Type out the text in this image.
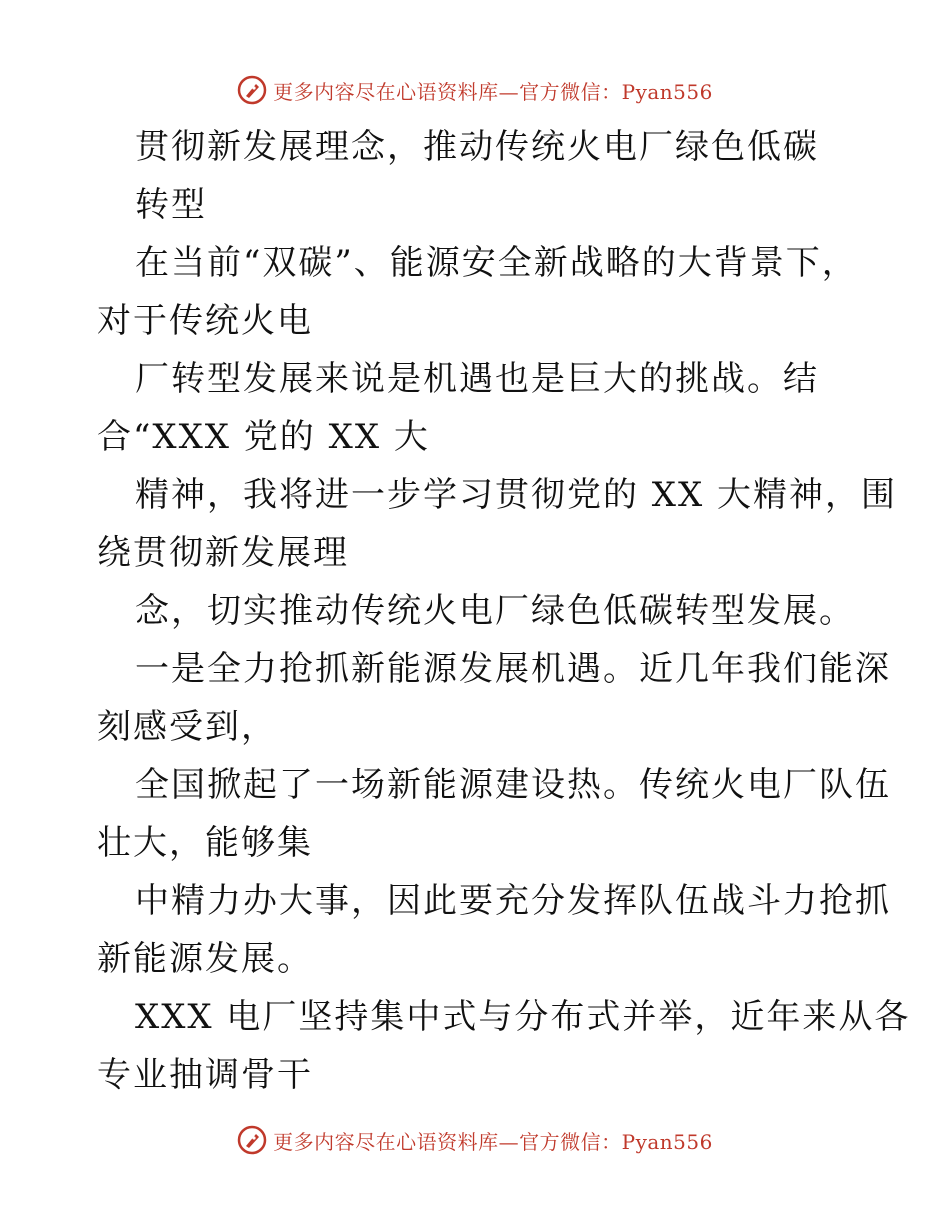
更多内容尽在心语资料库—官方微信：Pyan556
贯彻新发展理念，推动传统火电厂绿色低碳
转型
在当前“双碳”、能源安全新战略的大背景下，
对于传统火电
厂转型发展来说是机遇也是巨大的挑战。结
合“XXX 党的 XX 大
精神，我将进一步学习贯彻党的 XX 大精神，围
绕贯彻新发展理
念，切实推动传统火电厂绿色低碳转型发展。
一是全力抢抓新能源发展机遇。近几年我们能深
刻感受到，
全国掀起了一场新能源建设热。传统火电厂队伍
壮大，能够集
中精力办大事，因此要充分发挥队伍战斗力抢抓
新能源发展。
XXX 电厂坚持集中式与分布式并举，近年来从各
专业抽调骨干
更多内容尽在心语资料库—官方微信：Pyan556
